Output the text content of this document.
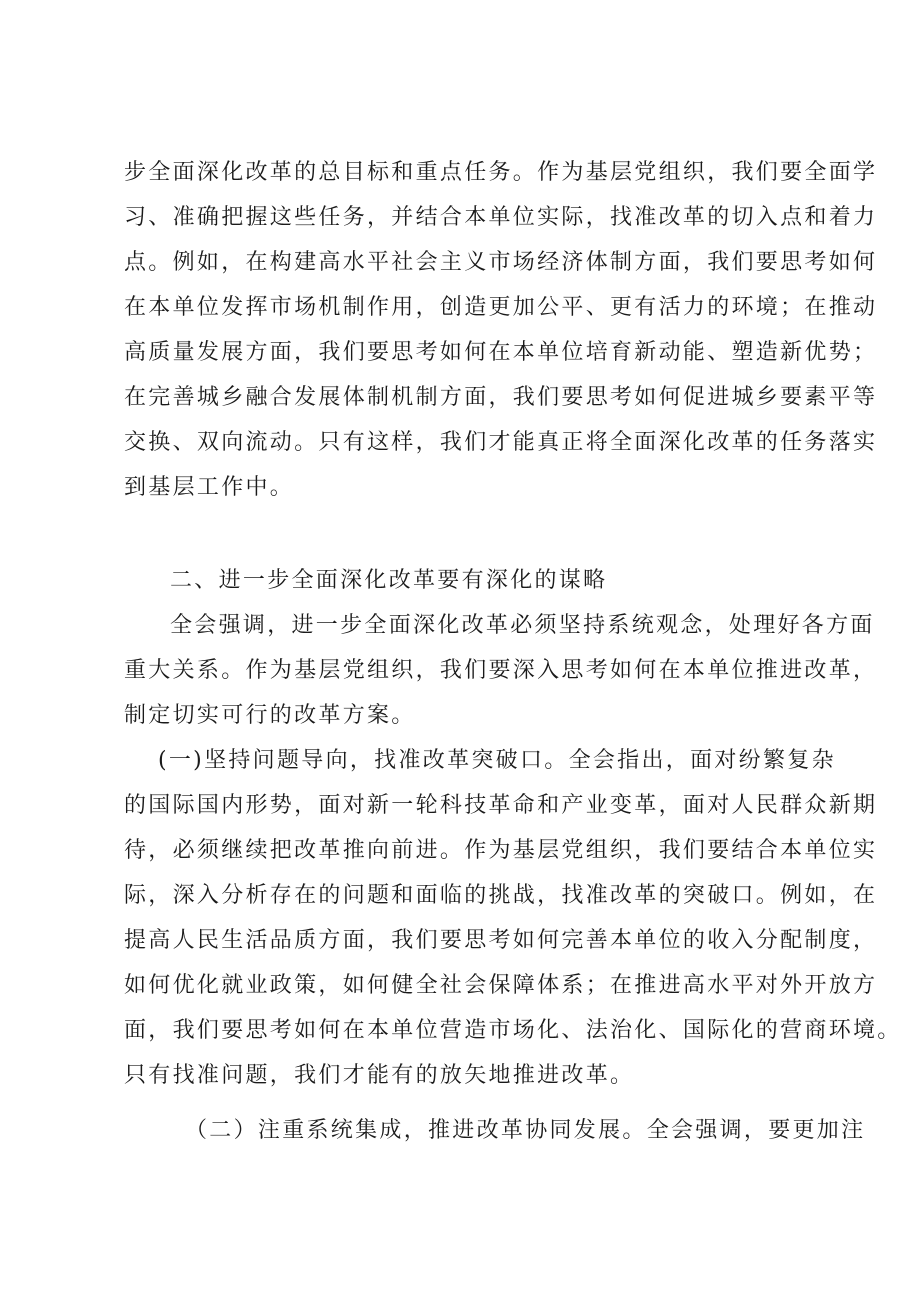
步全面深化改革的总目标和重点任务。作为基层党组织，我们要全面学
习、准确把握这些任务，并结合本单位实际，找准改革的切入点和着力
点。例如，在构建高水平社会主义市场经济体制方面，我们要思考如何
在本单位发挥市场机制作用，创造更加公平、更有活力的环境；在推动
高质量发展方面，我们要思考如何在本单位培育新动能、塑造新优势；
在完善城乡融合发展体制机制方面，我们要思考如何促进城乡要素平等
交换、双向流动。只有这样，我们才能真正将全面深化改革的任务落实
到基层工作中。
二、进一步全面深化改革要有深化的谋略
全会强调，进一步全面深化改革必须坚持系统观念，处理好各方面
重大关系。作为基层党组织，我们要深入思考如何在本单位推进改革，
制定切实可行的改革方案。
(一)坚持问题导向，找准改革突破口。全会指出，面对纷繁复杂
的国际国内形势，面对新一轮科技革命和产业变革，面对人民群众新期
待，必须继续把改革推向前进。作为基层党组织，我们要结合本单位实
际，深入分析存在的问题和面临的挑战，找准改革的突破口。例如，在
提高人民生活品质方面，我们要思考如何完善本单位的收入分配制度，
如何优化就业政策，如何健全社会保障体系；在推进高水平对外开放方
面，我们要思考如何在本单位营造市场化、法治化、国际化的营商环境。
只有找准问题，我们才能有的放矢地推进改革。
（二）注重系统集成，推进改革协同发展。全会强调，要更加注
